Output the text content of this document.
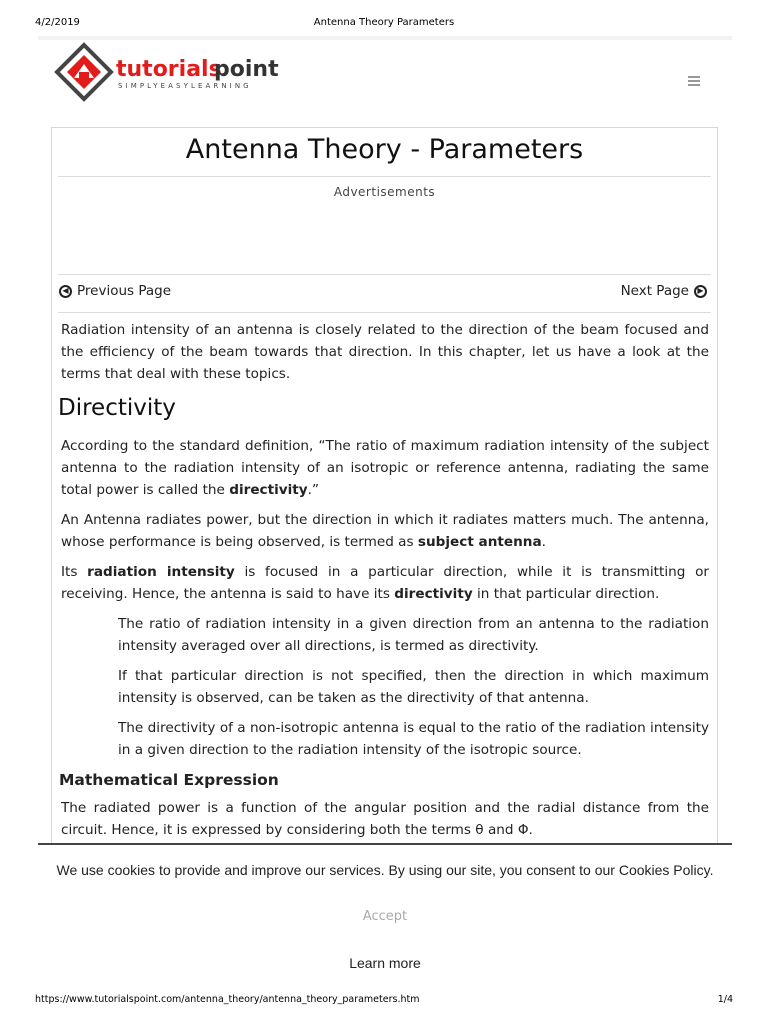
4/2/2019	Antenna Theory Parameters
tutorials
point
SIMPLYEASYLEARNING
Antenna Theory - Parameters
Advertisements
◀ Previous Page	Next Page	▶

Radiation intensity of an antenna is closely related to the direction of the beam focused and the efficiency of the beam towards that direction. In this chapter, let us have a look at the terms that deal with these topics.

Directivity

According to the standard definition, “The ratio of maximum radiation intensity of the subject antenna to the radiation intensity of an isotropic or reference antenna, radiating the same total power is called the directivity.”

An Antenna radiates power, but the direction in which it radiates matters much. The antenna, whose performance is being observed, is termed as subject antenna.

Its radiation intensity is focused in a particular direction, while it is transmitting or receiving. Hence, the antenna is said to have its directivity in that particular direction.

The ratio of radiation intensity in a given direction from an antenna to the radiation intensity averaged over all directions, is termed as directivity.

If that particular direction is not specified, then the direction in which maximum intensity is observed, can be taken as the directivity of that antenna.

The directivity of a non-isotropic antenna is equal to the ratio of the radiation intensity in a given direction to the radiation intensity of the isotropic source.

Mathematical Expression

The radiated power is a function of the angular position and the radial distance from the circuit. Hence, it is expressed by considering both the terms θ and Φ.

We use cookies to provide and improve our services. By using our site, you consent to our Cookies Policy.
Accept
Learn more
https://www.tutorialspoint.com/antenna_theory/antenna_theory_parameters.htm	1/4
